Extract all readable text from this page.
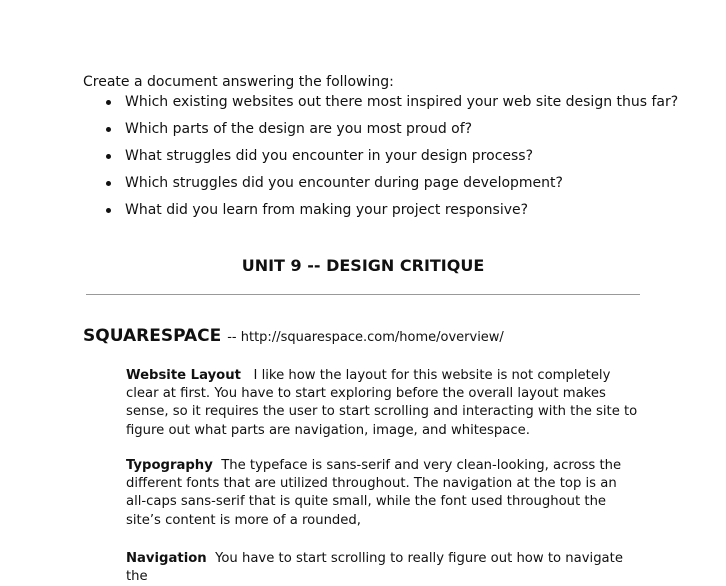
Create a document answering the following:
Which existing websites out there most inspired your web site design thus far?
Which parts of the design are you most proud of?
What struggles did you encounter in your design process?
Which struggles did you encounter during page development?
What did you learn from making your project responsive?
UNIT 9 -- DESIGN CRITIQUE
SQUARESPACE -- http://squarespace.com/home/overview/
Website Layout I like how the layout for this website is not completely clear at first. You have to start exploring before the overall layout makes sense, so it requires the user to start scrolling and interacting with the site to figure out what parts are navigation, image, and whitespace.
Typography The typeface is sans-serif and very clean-looking, across the different fonts that are utilized throughout. The navigation at the top is an all-caps sans-serif that is quite small, while the font used throughout the site’s content is more of a rounded,
Navigation You have to start scrolling to really figure out how to navigate the
